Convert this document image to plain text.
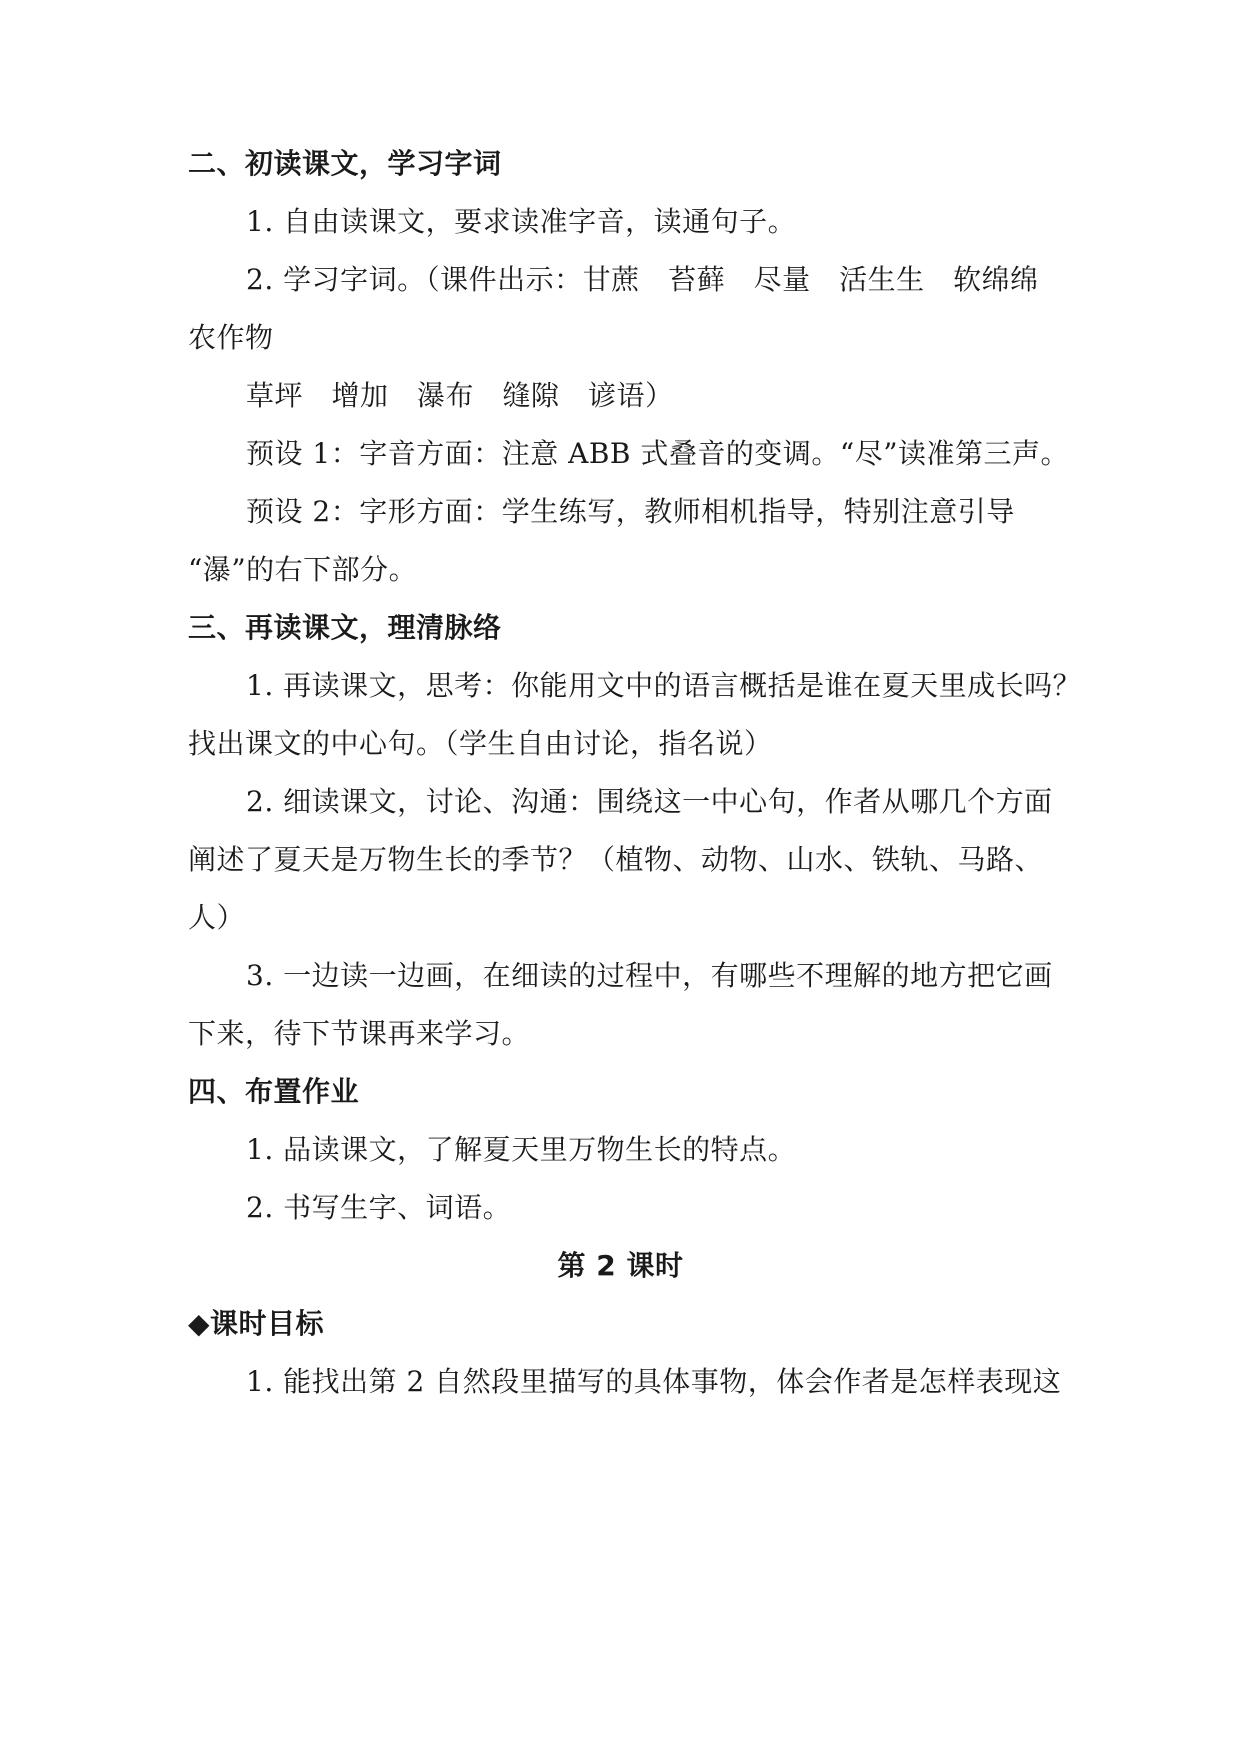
二、初读课文，学习字词
1. 自由读课文，要求读准字音，读通句子。
2. 学习字词。（课件出示：甘蔗　苔藓　尽量　活生生　软绵绵
农作物
草坪　增加　瀑布　缝隙　谚语）
预设 1：字音方面：注意 ABB 式叠音的变调。“尽”读准第三声。
预设 2：字形方面：学生练写，教师相机指导，特别注意引导
“瀑”的右下部分。
三、再读课文，理清脉络
1. 再读课文，思考：你能用文中的语言概括是谁在夏天里成长吗？
找出课文的中心句。（学生自由讨论，指名说）
2. 细读课文，讨论、沟通：围绕这一中心句，作者从哪几个方面
阐述了夏天是万物生长的季节？（植物、动物、山水、铁轨、马路、
人）
3. 一边读一边画，在细读的过程中，有哪些不理解的地方把它画
下来，待下节课再来学习。
四、布置作业
1. 品读课文，了解夏天里万物生长的特点。
2. 书写生字、词语。
第 2 课时
◆课时目标
1. 能找出第 2 自然段里描写的具体事物，体会作者是怎样表现这
